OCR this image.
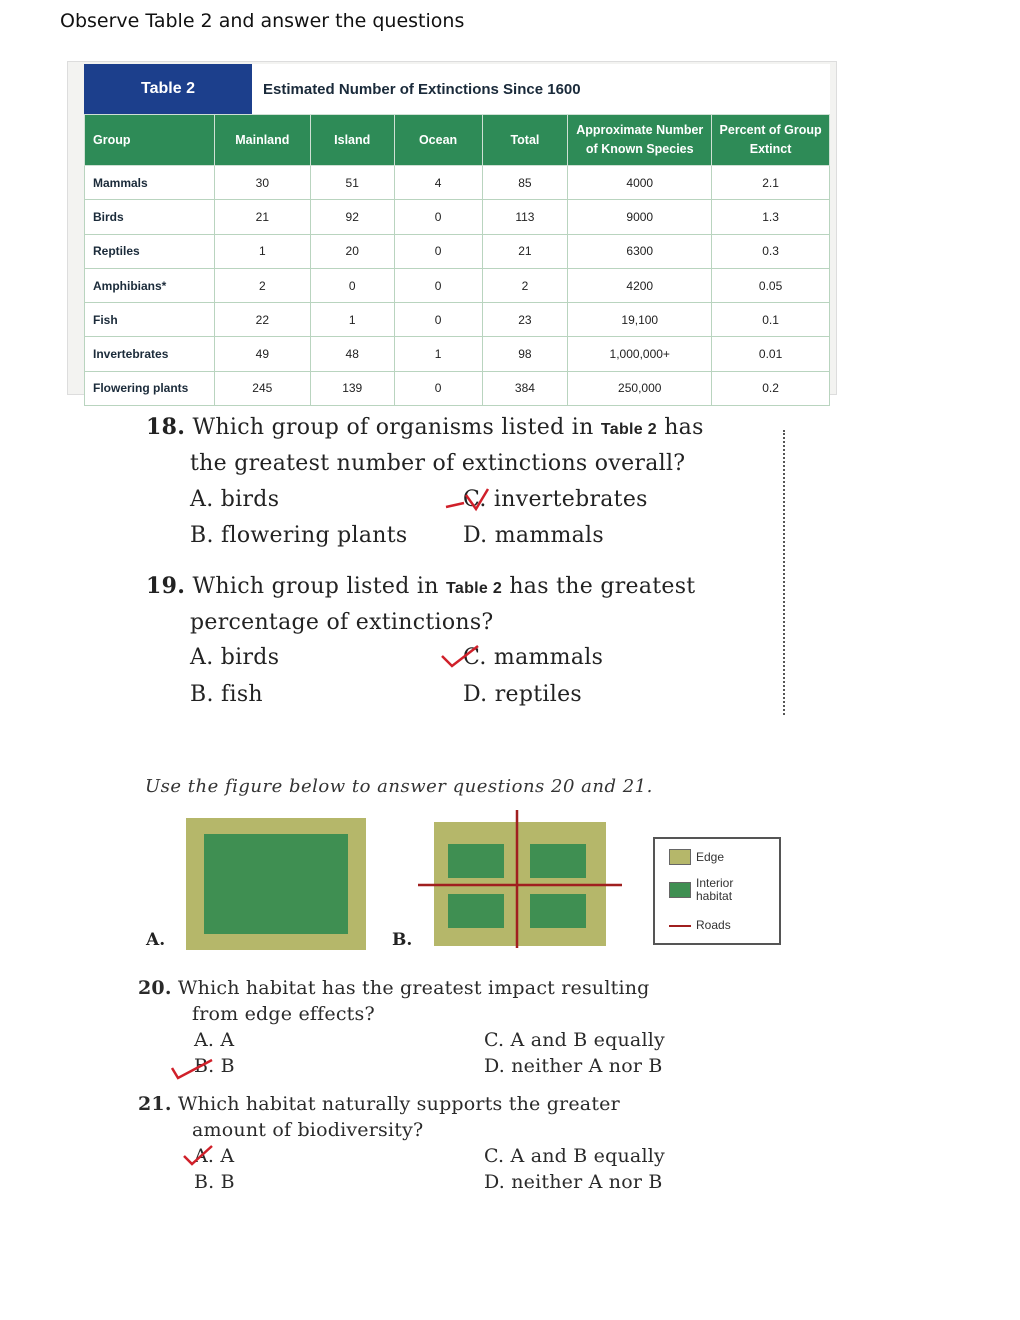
Observe Table 2 and answer the questions
Table 2	Estimated Number of Extinctions Since 1600
Group	Mainland	Island	Ocean	Total	Approximate Number of Known Species	Percent of Group Extinct
Mammals	30	51	4	85	4000	2.1
Birds	21	92	0	113	9000	1.3
Reptiles	1	20	0	21	6300	0.3
Amphibians*	2	0	0	2	4200	0.05
Fish	22	1	0	23	19,100	0.1
Invertebrates	49	48	1	98	1,000,000+	0.01
Flowering plants	245	139	0	384	250,000	0.2
18. Which group of organisms listed in Table 2 has
the greatest number of extinctions overall?
A. birds	C. invertebrates
B. flowering plants	D. mammals
19. Which group listed in Table 2 has the greatest
percentage of extinctions?
A. birds	C. mammals
B. fish	D. reptiles
Use the figure below to answer questions 20 and 21.
A.	B.
Edge
Interior
habitat
Roads
20. Which habitat has the greatest impact resulting
from edge effects?
A. A	C. A and B equally
B. B	D. neither A nor B
21. Which habitat naturally supports the greater
amount of biodiversity?
A. A	C. A and B equally
B. B	D. neither A nor B
